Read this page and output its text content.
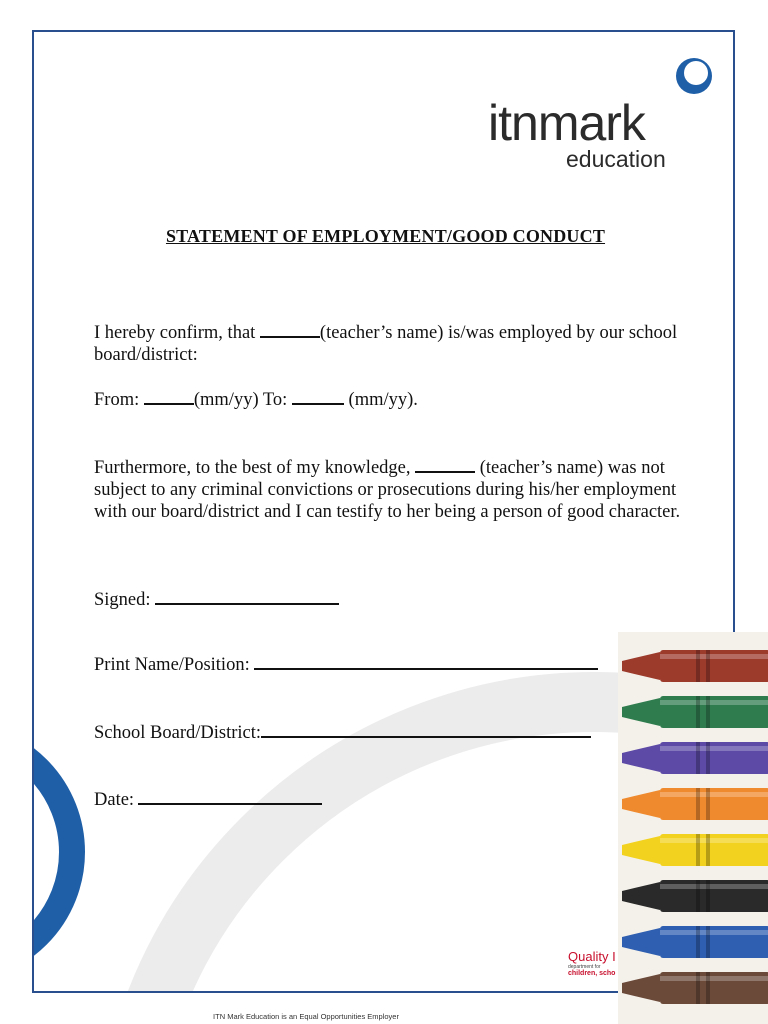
itnmark
education
STATEMENT OF EMPLOYMENT/GOOD CONDUCT

I hereby confirm, that	(teacher’s name) is/was employed by our school board/district:

From:	(mm/yy) To:	(mm/yy).

Furthermore, to the best of my knowledge,	(teacher’s name) was not subject to any criminal convictions or prosecutions during his/her employment with our board/district and I can testify to her being a person of good character.

Signed:
Print Name/Position:
School Board/District:
Date:
Quality I
department for
children, scho
ITN Mark Education is an Equal Opportunities Employer
